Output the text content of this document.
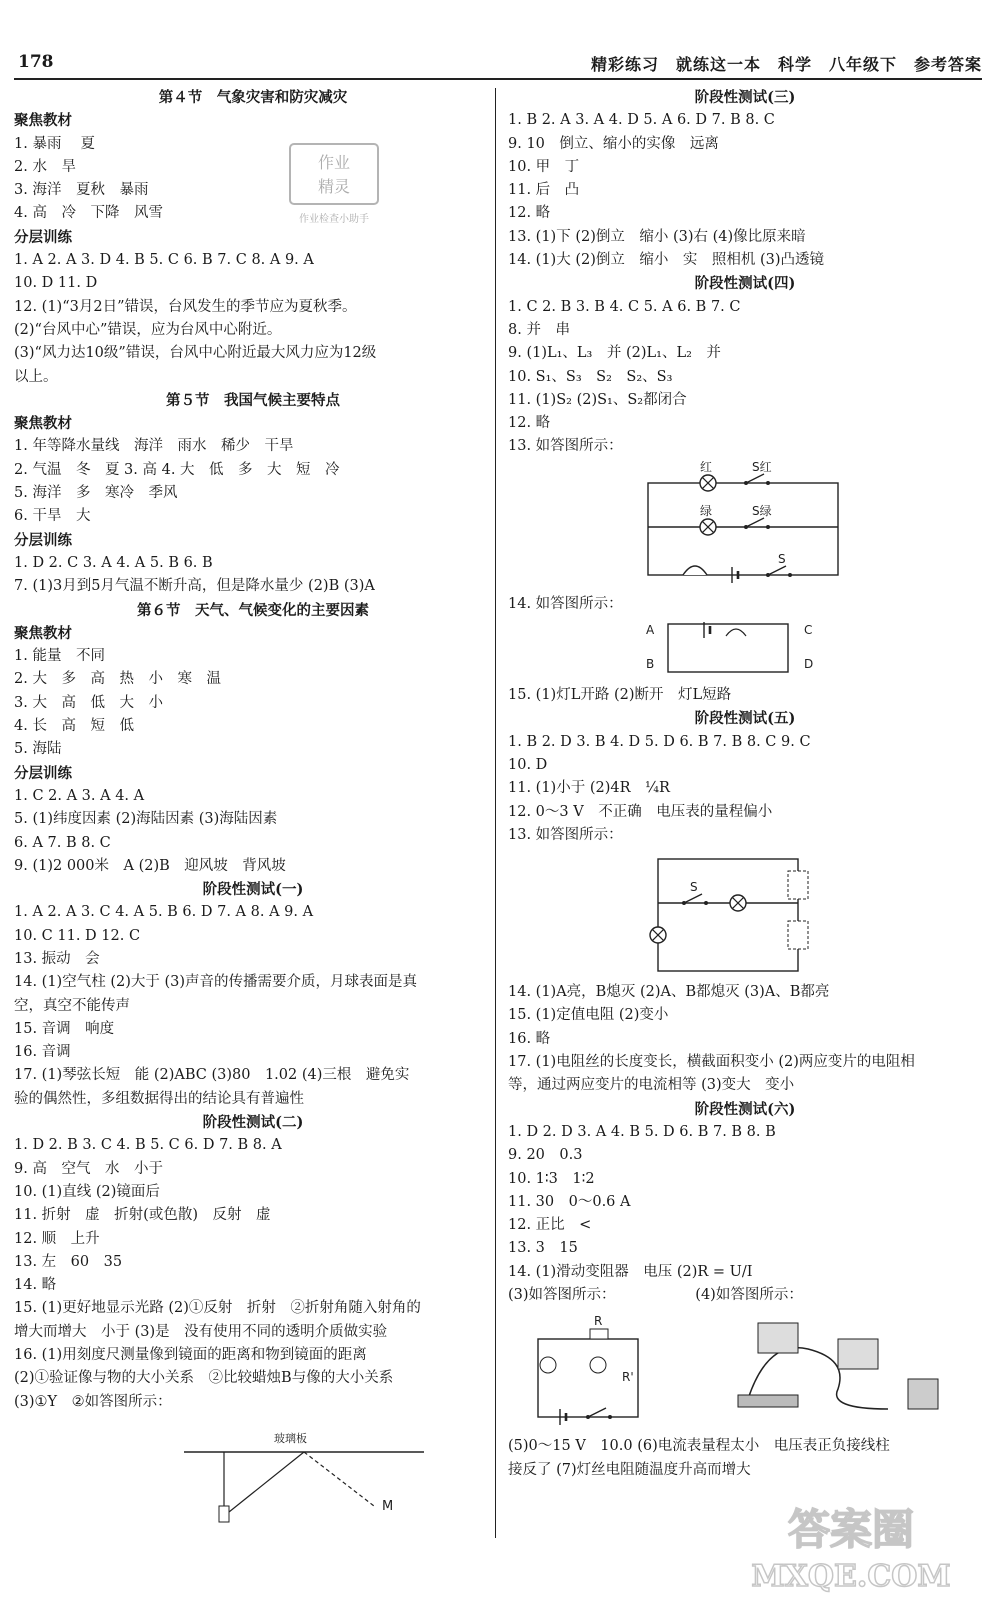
178	精彩练习　就练这一本　科学　八年级下　参考答案
第４节　气象灾害和防灾减灾
聚焦教材
1. 暴雨　 夏
2. 水　旱
3. 海洋　夏秋　暴雨
4. 高　冷　下降　风雪
分层训练
1. A 2. A 3. D 4. B 5. C 6. B 7. C 8. A 9. A
10. D 11. D
12. (1)“3月2日”错误，台风发生的季节应为夏秋季。
(2)“台风中心”错误，应为台风中心附近。
(3)“风力达10级”错误，台风中心附近最大风力应为12级
以上。
第５节　我国气候主要特点
聚焦教材
1. 年等降水量线　海洋　雨水　稀少　干旱
2. 气温　冬　夏 3. 高 4. 大　低　多　大　短　冷
5. 海洋　多　寒冷　季风
6. 干旱　大
分层训练
1. D 2. C 3. A 4. A 5. B 6. B
7. (1)3月到5月气温不断升高，但是降水量少 (2)B (3)A
第６节　天气、气候变化的主要因素
聚焦教材
1. 能量　不同
2. 大　多　高　热　小　寒　温
3. 大　高　低　大　小
4. 长　高　短　低
5. 海陆
分层训练
1. C 2. A 3. A 4. A
5. (1)纬度因素 (2)海陆因素 (3)海陆因素
6. A 7. B 8. C
9. (1)2 000米　A (2)B　迎风坡　背风坡
阶段性测试(一)
1. A 2. A 3. C 4. A 5. B 6. D 7. A 8. A 9. A
10. C 11. D 12. C
13. 振动　会
14. (1)空气柱 (2)大于 (3)声音的传播需要介质，月球表面是真
空，真空不能传声
15. 音调　响度
16. 音调
17. (1)琴弦长短　能 (2)ABC (3)80　1.02 (4)三根　避免实
验的偶然性，多组数据得出的结论具有普遍性
阶段性测试(二)
1. D 2. B 3. C 4. B 5. C 6. D 7. B 8. A
9. 高　空气　水　小于
10. (1)直线 (2)镜面后
11. 折射　虚　折射(或色散)　反射　虚
12. 顺　上升
13. 左　60　35
14. 略
15. (1)更好地显示光路 (2)①反射　折射　②折射角随入射角的
增大而增大　小于 (3)是　没有使用不同的透明介质做实验
16. (1)用刻度尺测量像到镜面的距离和物到镜面的距离
(2)①验证像与物的大小关系　②比较蜡烛B与像的大小关系
(3)①Y　②如答图所示：
玻璃板
M
阶段性测试(三)
1. B 2. A 3. A 4. D 5. A 6. D 7. B 8. C
9. 10　倒立、缩小的实像　远离
10. 甲　丁
11. 后　凸
12. 略
13. (1)下 (2)倒立　缩小 (3)右 (4)像比原来暗
14. (1)大 (2)倒立　缩小　实　照相机 (3)凸透镜
阶段性测试(四)
1. C 2. B 3. B 4. C 5. A 6. B 7. C
8. 并　串
9. (1)L₁、L₃　并 (2)L₁、L₂　并
10. S₁、S₃　S₂　S₂、S₃
11. (1)S₂ (2)S₁、S₂都闭合
12. 略
13. 如答图所示：
红	S红
绿	S绿
S
14. 如答图所示：
A
B
C
D
15. (1)灯L开路 (2)断开　灯L短路
阶段性测试(五)
1. B 2. D 3. B 4. D 5. D 6. B 7. B 8. C 9. C
10. D
11. (1)小于 (2)4R　¼R
12. 0～3 V　不正确　电压表的量程偏小
13. 如答图所示：
S
14. (1)A亮，B熄灭 (2)A、B都熄灭 (3)A、B都亮
15. (1)定值电阻 (2)变小
16. 略
17. (1)电阻丝的长度变长，横截面积变小 (2)两应变片的电阻相
等，通过两应变片的电流相等 (3)变大　变小
阶段性测试(六)
1. D 2. D 3. A 4. B 5. D 6. B 7. B 8. B
9. 20　0.3
10. 1∶3　1∶2
11. 30　0～0.6 A
12. 正比　<
13. 3　15
14. (1)滑动变阻器　电压 (2)R = U/I
(3)如答图所示：　　　　　　(4)如答图所示：
R
R'
(5)0～15 V　10.0 (6)电流表量程太小　电压表正负接线柱
接反了 (7)灯丝电阻随温度升高而增大
作业
精灵
作业检查小助手
答案圈
MXQE.COM
